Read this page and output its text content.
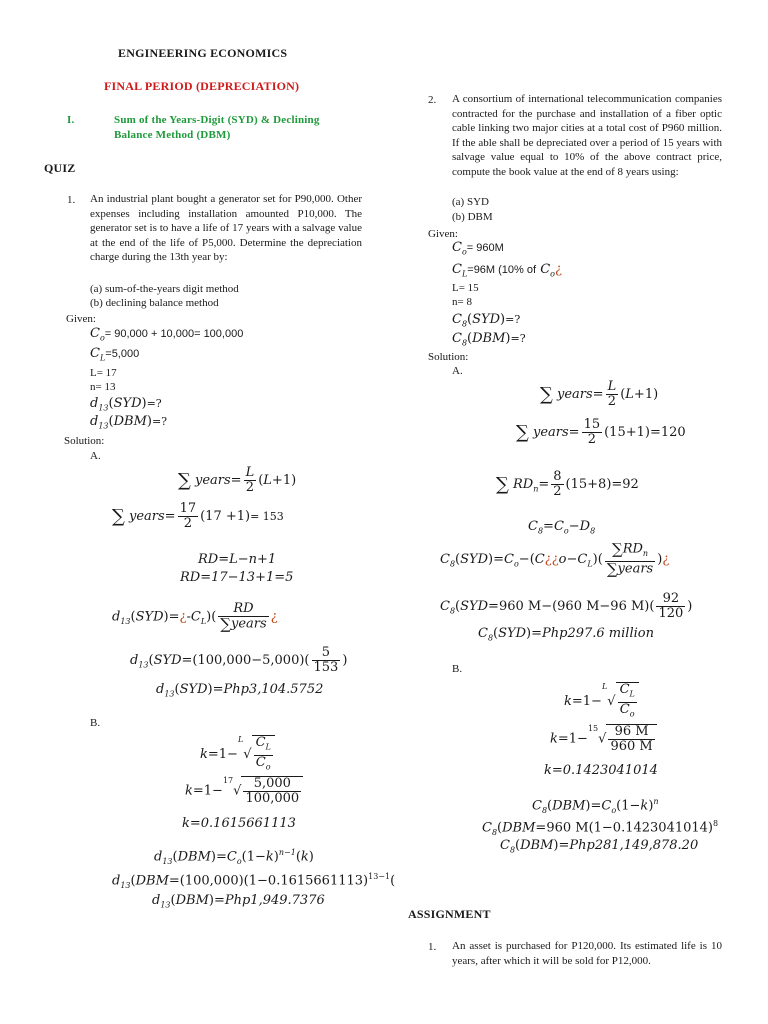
ENGINEERING ECONOMICS
FINAL PERIOD (DEPRECIATION)
I.	Sum of the Years-Digit (SYD) & Declining
Balance Method (DBM)
QUIZ
1. An industrial plant bought a generator set for P90,000. Other expenses including installation amounted P10,000. The generator set is to have a life of 17 years with a salvage value at the end of the life of P5,000. Determine the depreciation charge during the 13th year by:
(a) sum-of-the-years digit method
(b) declining balance method
Given:
$C_o= 90,000 + 10,000= 100,000$
$C_L=5,000$
L= 17
n= 13
$d_{13}(SYD)=$?
$d_{13}(DBM)=$?
Solution:
A.
∑ years= $\frac{L}{2} (L+1)$
∑ years= $\frac{17}{2} (17 +1)= 153$
RD=L−n+1
RD=17−13+1=5
$d_{13}(SYD)=¿-C_L)( \frac{RD}{\text{∑years}}$ ¿
$d_{13}(SYD=(100,000-5,000)( \frac{5}{153}$ )
$d_{13}(SYD)=Php3,104.5752$
B.
$k=1-^L√ \frac{C_L}{C_o}$
$k=1-^{17}√ \frac{5,000}{100,000}$
k=0.1615661113
$d_{13}(DBM)=C_o(1-k)^{n-1}(k)$
$d_{13}(DBM=(100,000)(1-0.1615661113)^{13-1}$(
$d_{13}(DBM)=Php1,949.7376$
2. A consortium of international telecommunication companies contracted for the purchase and installation of a fiber optic cable linking two major cities at a total cost of P960 million. If the able shall be depreciated over a period of 15 years with salvage value equal to 10% of the above contract price, compute the book value at the end of 8 years using:
(a) SYD
(b) DBM
Given:
$C_o= 960M$
$C_L=96M$ (10% of $C_o¿$
L= 15
n= 8
$C_8(SYD)=$?
$C_8(DBM)=$?
Solution:
A.
∑ years= $\frac{L}{2} (L+1)$
∑ years= $\frac{15}{2} (15+1)=120$
∑ $RD_n= \frac{8}{2} (15+8)=92$
$C_8=C_o-D_8$
$C_8(SYD)=C_o-(C¿¿o-C_L)( \frac{\sum RD_n}{\text{∑years}}$ )¿
$C_8(SYD=960$ M−(960 M−96 $M)( \frac{92}{120}$ )
$C_8(SYD)=Php297.6$ million
B.
$k=1-^L√ \frac{C_L}{C_o}$
$k=1-^{15}√ \frac{96 M}{960 M}$
k=0.1423041014
$C_8(DBM)=C_o(1-k)^n$
$C_8(DBM=960$ $M(1-0.1423041014)^8$
$C_8(DBM)=Php281,149,878.20$
ASSIGNMENT
1. An asset is purchased for P120,000. Its estimated life is 10 years, after which it will be sold for P12,000.
